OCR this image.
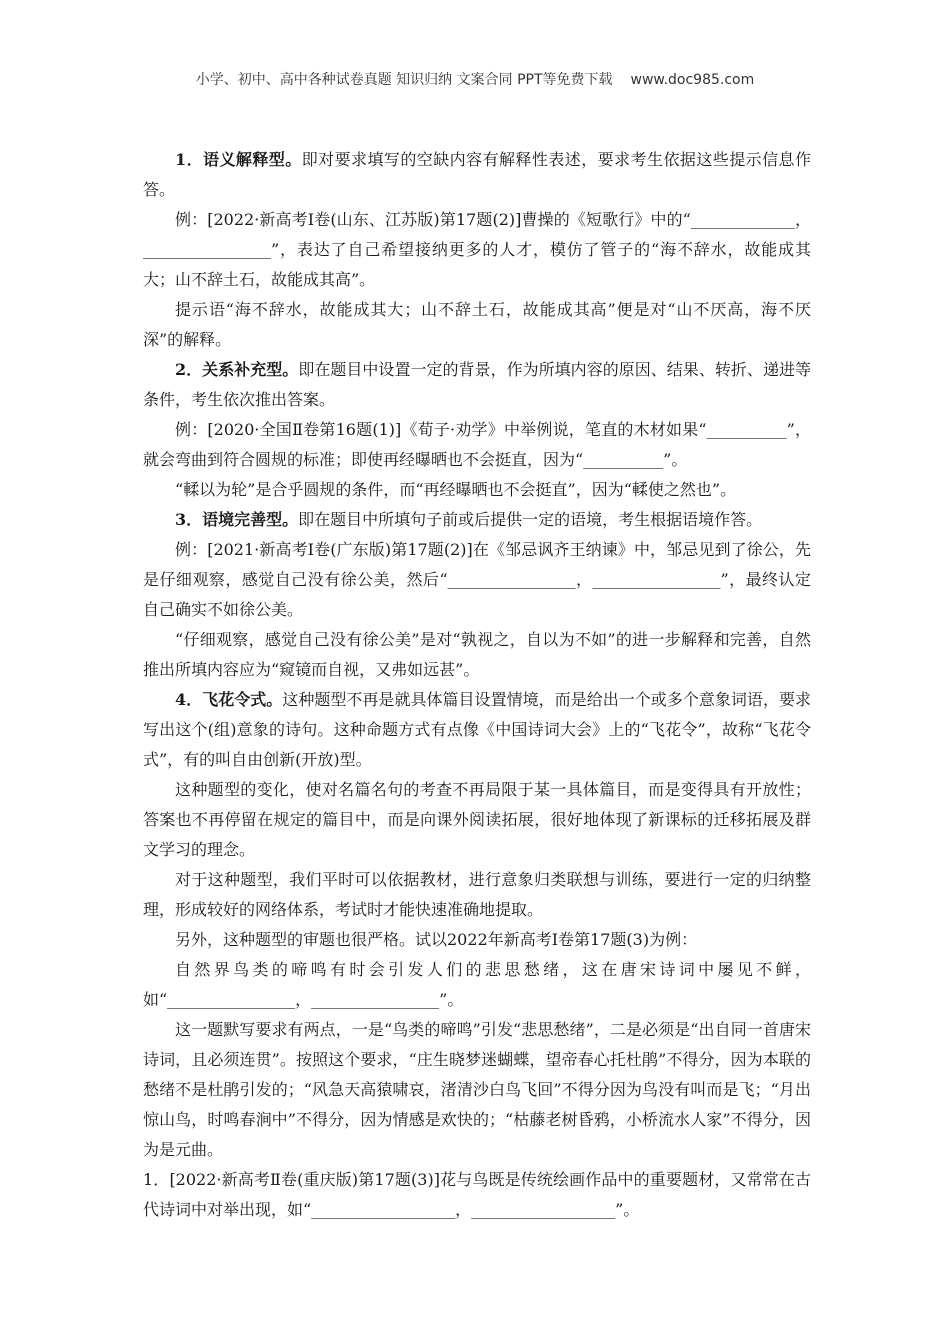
小学、初中、高中各种试卷真题 知识归纳 文案合同 PPT等免费下载 www.doc985.com

1．语义解释型。即对要求填写的空缺内容有解释性表述，要求考生依据这些提示信息作答。

例：[2022·新高考Ⅰ卷(山东、江苏版)第17题(2)]曹操的《短歌行》中的“_____________，________________”，表达了自己希望接纳更多的人才，模仿了管子的“海不辞水，故能成其大；山不辞土石，故能成其高”。

提示语“海不辞水，故能成其大；山不辞土石，故能成其高”便是对“山不厌高，海不厌深”的解释。

2．关系补充型。即在题目中设置一定的背景，作为所填内容的原因、结果、转折、递进等条件，考生依次推出答案。

例：[2020·全国Ⅱ卷第16题(1)]《荀子·劝学》中举例说，笔直的木材如果“__________”，就会弯曲到符合圆规的标准；即使再经曝晒也不会挺直，因为“__________”。

“輮以为轮”是合乎圆规的条件，而“再经曝晒也不会挺直”，因为“輮使之然也”。

3．语境完善型。即在题目中所填句子前或后提供一定的语境，考生根据语境作答。

例：[2021·新高考Ⅰ卷(广东版)第17题(2)]在《邹忌讽齐王纳谏》中，邹忌见到了徐公，先是仔细观察，感觉自己没有徐公美，然后“________________，________________”，最终认定自己确实不如徐公美。

“仔细观察，感觉自己没有徐公美”是对“孰视之，自以为不如”的进一步解释和完善，自然推出所填内容应为“窥镜而自视，又弗如远甚”。

4．飞花令式。这种题型不再是就具体篇目设置情境，而是给出一个或多个意象词语，要求写出这个(组)意象的诗句。这种命题方式有点像《中国诗词大会》上的“飞花令”，故称“飞花令式”，有的叫自由创新(开放)型。

这种题型的变化，使对名篇名句的考查不再局限于某一具体篇目，而是变得具有开放性；答案也不再停留在规定的篇目中，而是向课外阅读拓展，很好地体现了新课标的迁移拓展及群文学习的理念。

对于这种题型，我们平时可以依据教材，进行意象归类联想与训练，要进行一定的归纳整理，形成较好的网络体系，考试时才能快速准确地提取。

另外，这种题型的审题也很严格。试以2022年新高考Ⅰ卷第17题(3)为例：

自然界鸟类的啼鸣有时会引发人们的悲思愁绪，这在唐宋诗词中屡见不鲜，如“________________，________________”。

这一题默写要求有两点，一是“鸟类的啼鸣”引发“悲思愁绪”，二是必须是“出自同一首唐宋诗词，且必须连贯”。按照这个要求，“庄生晓梦迷蝴蝶，望帝春心托杜鹃”不得分，因为本联的愁绪不是杜鹃引发的；“风急天高猿啸哀，渚清沙白鸟飞回”不得分因为鸟没有叫而是飞；“月出惊山鸟，时鸣春涧中”不得分，因为情感是欢快的；“枯藤老树昏鸦，小桥流水人家”不得分，因为是元曲。

1．[2022·新高考Ⅱ卷(重庆版)第17题(3)]花与鸟既是传统绘画作品中的重要题材，又常常在古代诗词中对举出现，如“__________________，__________________”。
